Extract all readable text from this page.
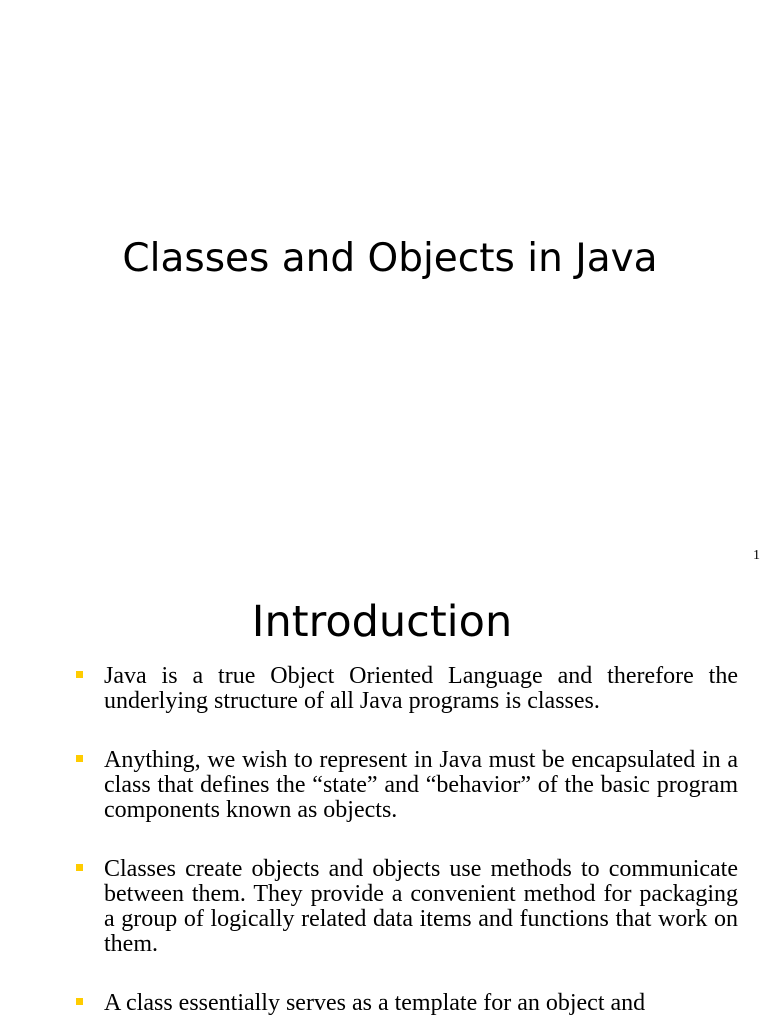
Classes and Objects in Java
1
Introduction
Java is a true Object Oriented Language and therefore the underlying structure of all Java programs is classes.
Anything, we wish to represent in Java must be encapsulated in a class that defines the “state” and “behavior” of the basic program components known as objects.
Classes create objects and objects use methods to communicate between them. They provide a convenient method for packaging a group of logically related data items and functions that work on them.
A class essentially serves as a template for an object and
